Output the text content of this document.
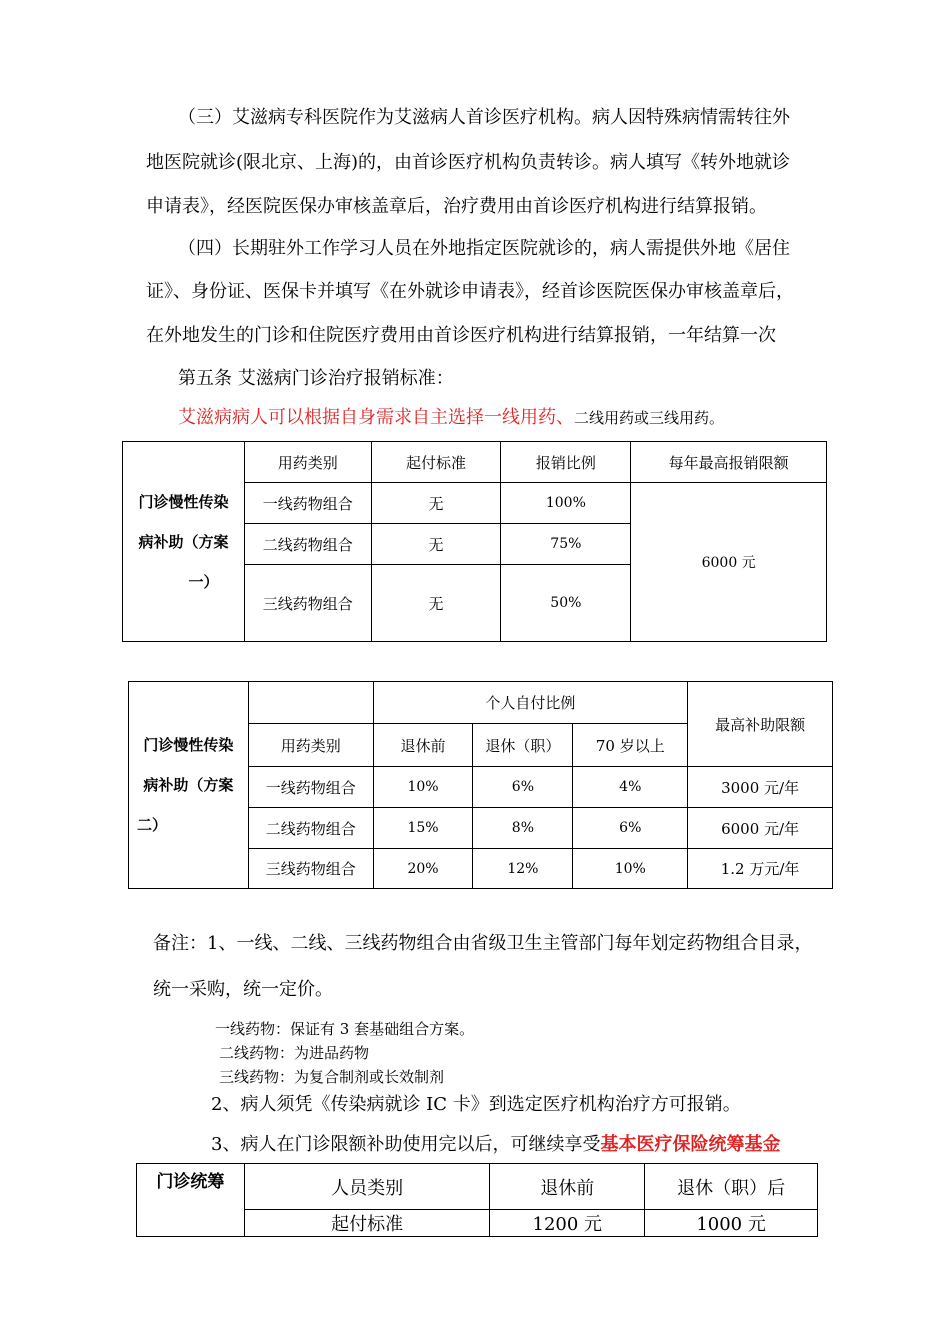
（三）艾滋病专科医院作为艾滋病人首诊医疗机构。病人因特殊病情需转往外
地医院就诊(限北京、上海)的，由首诊医疗机构负责转诊。病人填写《转外地就诊
申请表》，经医院医保办审核盖章后，治疗费用由首诊医疗机构进行结算报销。
（四）长期驻外工作学习人员在外地指定医院就诊的，病人需提供外地《居住
证》、身份证、医保卡并填写《在外就诊申请表》，经首诊医院医保办审核盖章后，
在外地发生的门诊和住院医疗费用由首诊医疗机构进行结算报销，一年结算一次
第五条 艾滋病门诊治疗报销标准：
艾滋病病人可以根据自身需求自主选择一线用药、二线用药或三线用药。
门诊慢性传染
病补助（方案
一）	用药类别	起付标准	报销比例	每年最高报销限额
	一线药物组合	无	100%	6000 元
	二线药物组合	无	75%	
	三线药物组合	无	50%	

门诊慢性传染
病补助（方案
二）		个人自付比例			最高补助限额
	用药类别	退休前	退休（职）	70 岁以上	
	一线药物组合	10%	6%	4%	3000 元/年
	二线药物组合	15%	8%	6%	6000 元/年
	三线药物组合	20%	12%	10%	1.2 万元/年
备注：1、一线、二线、三线药物组合由省级卫生主管部门每年划定药物组合目录，
统一采购，统一定价。
一线药物：保证有 3 套基础组合方案。
二线药物：为进品药物
三线药物：为复合制剂或长效制剂
2、病人须凭《传染病就诊 IC 卡》到选定医疗机构治疗方可报销。
3、病人在门诊限额补助使用完以后，可继续享受基本医疗保险统筹基金
门诊统筹	人员类别	退休前	退休（职）后
	起付标准	1200 元	1000 元
